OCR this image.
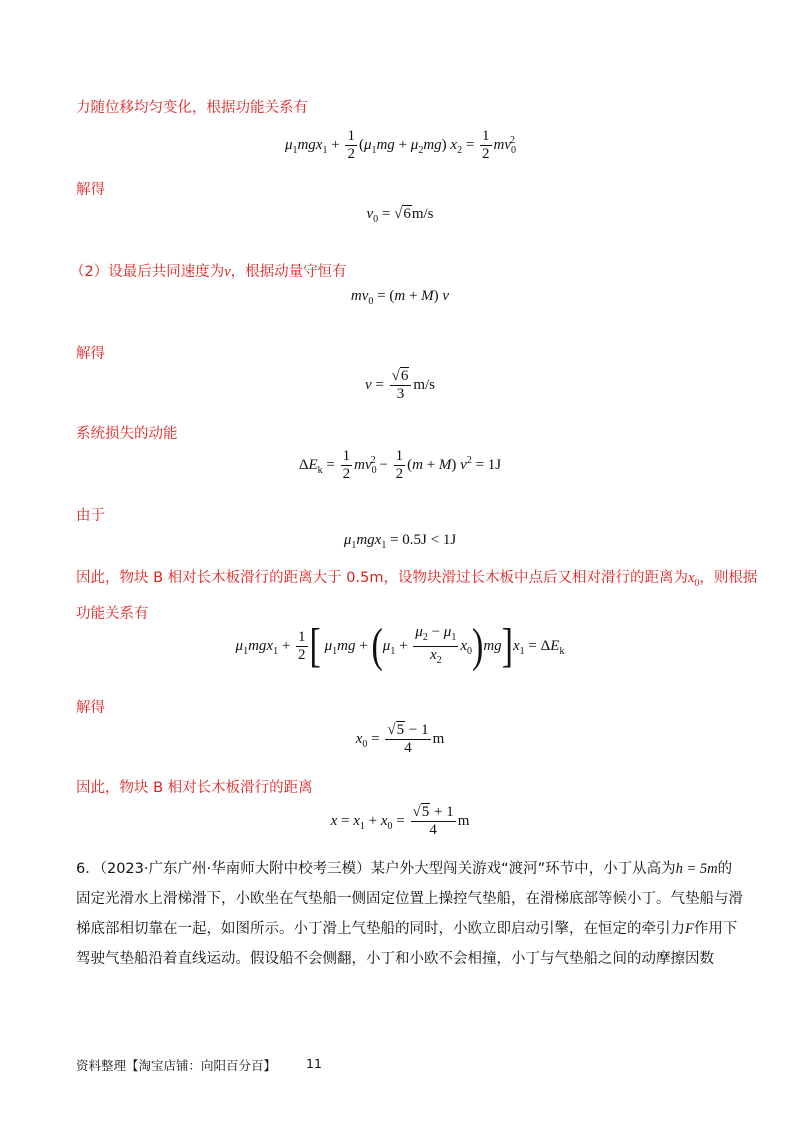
力随位移均匀变化，根据功能关系有
$\mu_1mgx_1 + \frac{1}{2} (\mu_1mg + \mu_2mg) x_2 = \frac{1}{2} mv_0^2$
解得
$v_0 = √6m/s$
（2）设最后共同速度为v，根据动量守恒有
$mv_0 = (m + M)$ v
解得
$v = \frac{√6}{3} m/s$
系统损失的动能
$\Delta E_k = \frac{1}{2} mv_0^2 - \frac{1}{2} (m + M) v^2 = 1J$
由于
$\mu_1mgx_1 = 0.5J < 1J$
因此，物块 B 相对长木板滑行的距离大于 0.5m，设物块滑过长木板中点后又相对滑行的距离为$x_0$，则根据
功能关系有
$\mu_1mgx_1 + \frac{1}{2}$ [ $\mu_1mg + (\mu_1 + \frac{\mu_2 - \mu_1}{x_2} x_0)mg]x_1 = \Delta E_k$
解得
$x_0 = \frac{√5 - 1}{4}$ m
因此，物块 B 相对长木板滑行的距离
$x = x_1 + x_0 = \frac{√5 + 1}{4}$ m
6．（2023·广东广州·华南师大附中校考三模）某户外大型闯关游戏“渡河”环节中，小丁从高为h = 5m的
固定光滑水上滑梯滑下，小欧坐在气垫船一侧固定位置上操控气垫船，在滑梯底部等候小丁。气垫船与滑
梯底部相切靠在一起，如图所示。小丁滑上气垫船的同时，小欧立即启动引擎，在恒定的牵引力F作用下
驾驶气垫船沿着直线运动。假设船不会侧翻，小丁和小欧不会相撞，小丁与气垫船之间的动摩擦因数
资料整理【淘宝店铺：向阳百分百】 11
